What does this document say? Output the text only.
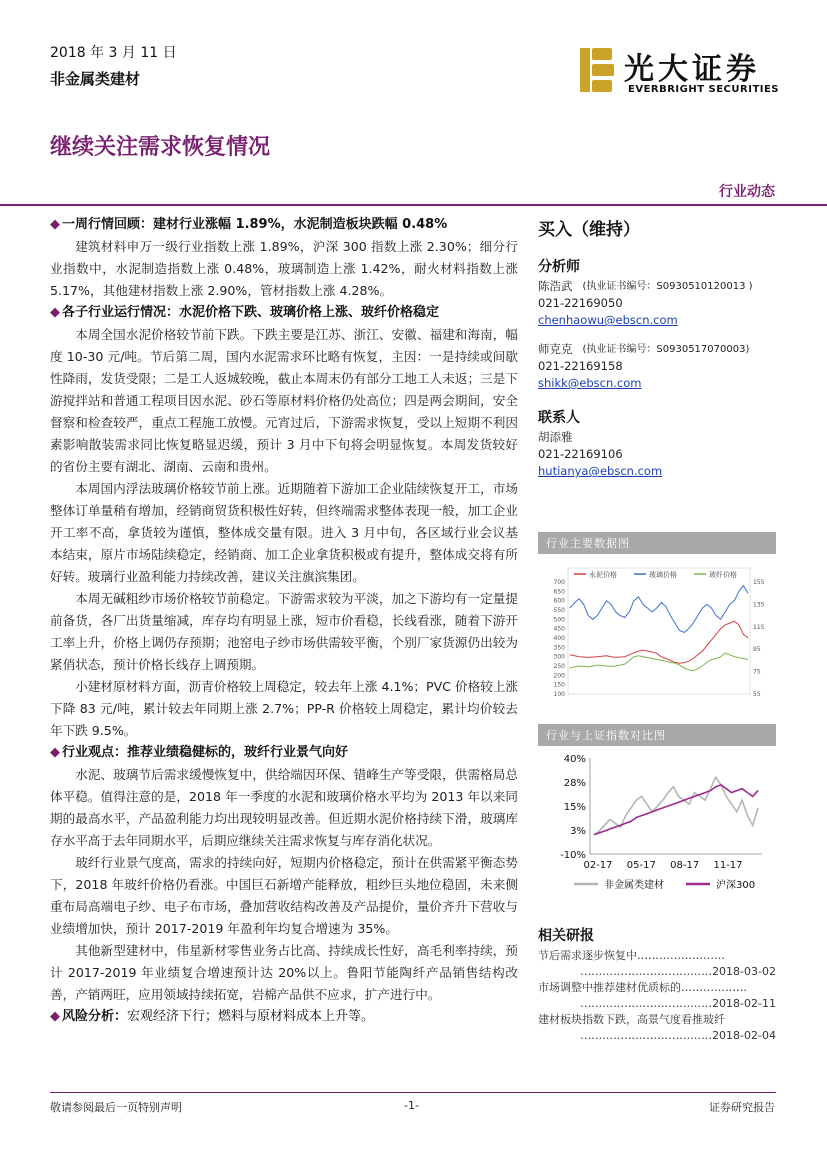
2018 年 3 月 11 日
非金属类建材	光大证券
EVERBRIGHT SECURITIES
继续关注需求恢复情况
行业动态
◆ 一周行情回顾：建材行业涨幅 1.89%，水泥制造板块跌幅 0.48%

建筑材料申万一级行业指数上涨 1.89%，沪深 300 指数上涨 2.30%；细分行业指数中，水泥制造指数上涨 0.48%，玻璃制造上涨 1.42%，耐火材料指数上涨 5.17%，其他建材指数上涨 2.90%，管材指数上涨 4.28%。

◆ 各子行业运行情况：水泥价格下跌、玻璃价格上涨、玻纤价格稳定

本周全国水泥价格较节前下跌。下跌主要是江苏、浙江、安徽、福建和海南，幅度 10-30 元/吨。节后第二周，国内水泥需求环比略有恢复，主因：一是持续或间歇性降雨，发货受限；二是工人返城较晚，截止本周末仍有部分工地工人未返；三是下游搅拌站和普通工程项目因水泥、砂石等原材料价格仍处高位；四是两会期间，安全督察和检查较严，重点工程施工放慢。元宵过后，下游需求恢复，受以上短期不利因素影响散装需求同比恢复略显迟缓，预计 3 月中下旬将会明显恢复。本周发货较好的省份主要有湖北、湖南、云南和贵州。

本周国内浮法玻璃价格较节前上涨。近期随着下游加工企业陆续恢复开工，市场整体订单量稍有增加，经销商贸货积极性好转，但终端需求整体表现一般，加工企业开工率不高，拿货较为谨慎，整体成交量有限。进入 3 月中旬，各区域行业会议基本结束，原片市场陆续稳定，经销商、加工企业拿货积极或有提升，整体成交将有所好转。玻璃行业盈利能力持续改善，建议关注旗滨集团。

本周无碱粗纱市场价格较节前稳定。下游需求较为平淡，加之下游均有一定量提前备货，各厂出货量缩减，库存均有明显上涨，短市价看稳，长线看涨，随着下游开工率上升，价格上调仍存预期；池窑电子纱市场供需较平衡，个别厂家货源仍出较为紧俏状态，预计价格长线存上调预期。

小建材原材料方面，沥青价格较上周稳定，较去年上涨 4.1%；PVC 价格较上涨下降 83 元/吨，累计较去年同期上涨 2.7%；PP-R 价格较上周稳定，累计均价较去年下跌 9.5%。

◆ 行业观点：推荐业绩稳健标的，玻纤行业景气向好

水泥、玻璃节后需求缓慢恢复中，供给端因环保、错峰生产等受限，供需格局总体平稳。值得注意的是，2018 年一季度的水泥和玻璃价格水平均为 2013 年以来同期的最高水平，产品盈利能力均出现较明显改善。但近期水泥价格持续下滑，玻璃库存水平高于去年同期水平，后期应继续关注需求恢复与库存消化状况。

玻纤行业景气度高，需求的持续向好，短期内价格稳定，预计在供需紧平衡态势下，2018 年玻纤价格仍看涨。中国巨石新增产能释放，粗纱巨头地位稳固，未来侧重布局高端电子纱、电子布市场，叠加营收结构改善及产品提价，量价齐升下营收与业绩增加快，预计 2017-2019 年盈利年均复合增速为 35%。

其他新型建材中，伟星新材零售业务占比高、持续成长性好，高毛利率持续，预计 2017-2019 年业绩复合增速预计达 20%以上。鲁阳节能陶纤产品销售结构改善，产销两旺，应用领域持续拓宽，岩棉产品供不应求，扩产进行中。

◆ 风险分析：宏观经济下行；燃料与原材料成本上升等。
买入（维持）
分析师
陈浩武 (执业证书编号：S0930510120013 )
021-22169050
chenhaowu@ebscn.com
师克克 (执业证书编号：S0930517070003)
021-22169158
shikk@ebscn.com
联系人
胡添雅
021-22169106
hutianya@ebscn.com
行业主要数据图
水泥价格	玻璃价格	玻纤价格
700
650
600
550
500
450
400
350
300
250
200
150
100
155
135
115
95
75
55
行业与上证指数对比图
40%
28%
15%
3%
-10%
02-17 05-17 08-17 11-17
非金属类建材	沪深300
相关研报
节后需求逐步恢复中……………………
………………………………2018-03-02
市场调整中推荐建材优质标的………………
………………………………2018-02-11
建材板块指数下跌，高景气度看推玻纤
………………………………2018-02-04
敬请参阅最后一页特别声明	-1-	证券研究报告
